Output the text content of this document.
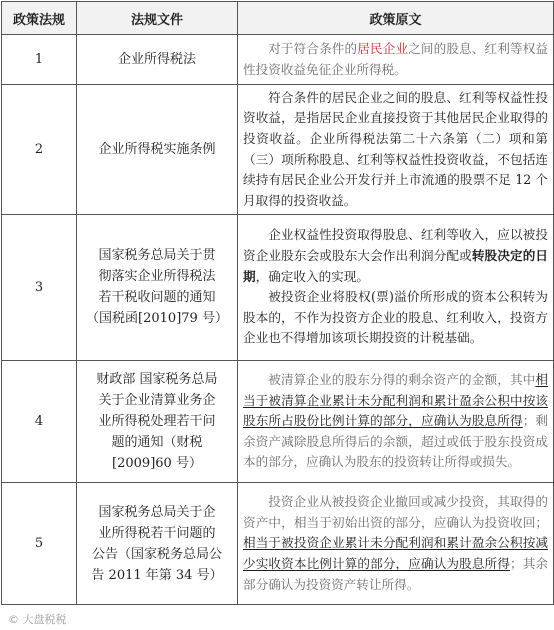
政策法规	法规文件	政策原文
1	企业所得税法	对于符合条件的居民企业之间的股息、红利等权益性投资收益免征企业所得税。

2	企业所得税实施条例	符合条件的居民企业之间的股息、红利等权益性投资收益，是指居民企业直接投资于其他居民企业取得的投资收益。企业所得税法第二十六条第（二）项和第（三）项所称股息、红利等权益性投资收益，不包括连续持有居民企业公开发行并上市流通的股票不足 12 个月取得的投资收益。

3	国家税务总局关于贯
彻落实企业所得税法
若干税收问题的通知
（国税函[2010]79 号）	企业权益性投资取得股息、红利等收入，应以被投资企业股东会或股东大会作出利润分配或转股决定的日期，确定收入的实现。
被投资企业将股权(票)溢价所形成的资本公积转为股本的，不作为投资方企业的股息、红利收入，投资方企业也不得增加该项长期投资的计税基础。

4	财政部 国家税务总局
关于企业清算业务企
业所得税处理若干问
题的通知（财税
[2009]60 号）	被清算企业的股东分得的剩余资产的金额，其中相当于被清算企业累计未分配利润和累计盈余公积中按该股东所占股份比例计算的部分，应确认为股息所得；剩余资产减除股息所得后的余额，超过或低于股东投资成本的部分，应确认为股东的投资转让所得或损失。

5	国家税务总局关于企
业所得税若干问题的
公告（国家税务总局公
告 2011 年第 34 号）	投资企业从被投资企业撤回或减少投资，其取得的资产中，相当于初始出资的部分，应确认为投资收回；相当于被投资企业累计未分配利润和累计盈余公积按减少实收资本比例计算的部分，应确认为股息所得；其余部分确认为投资资产转让所得。
© 大盘税税
